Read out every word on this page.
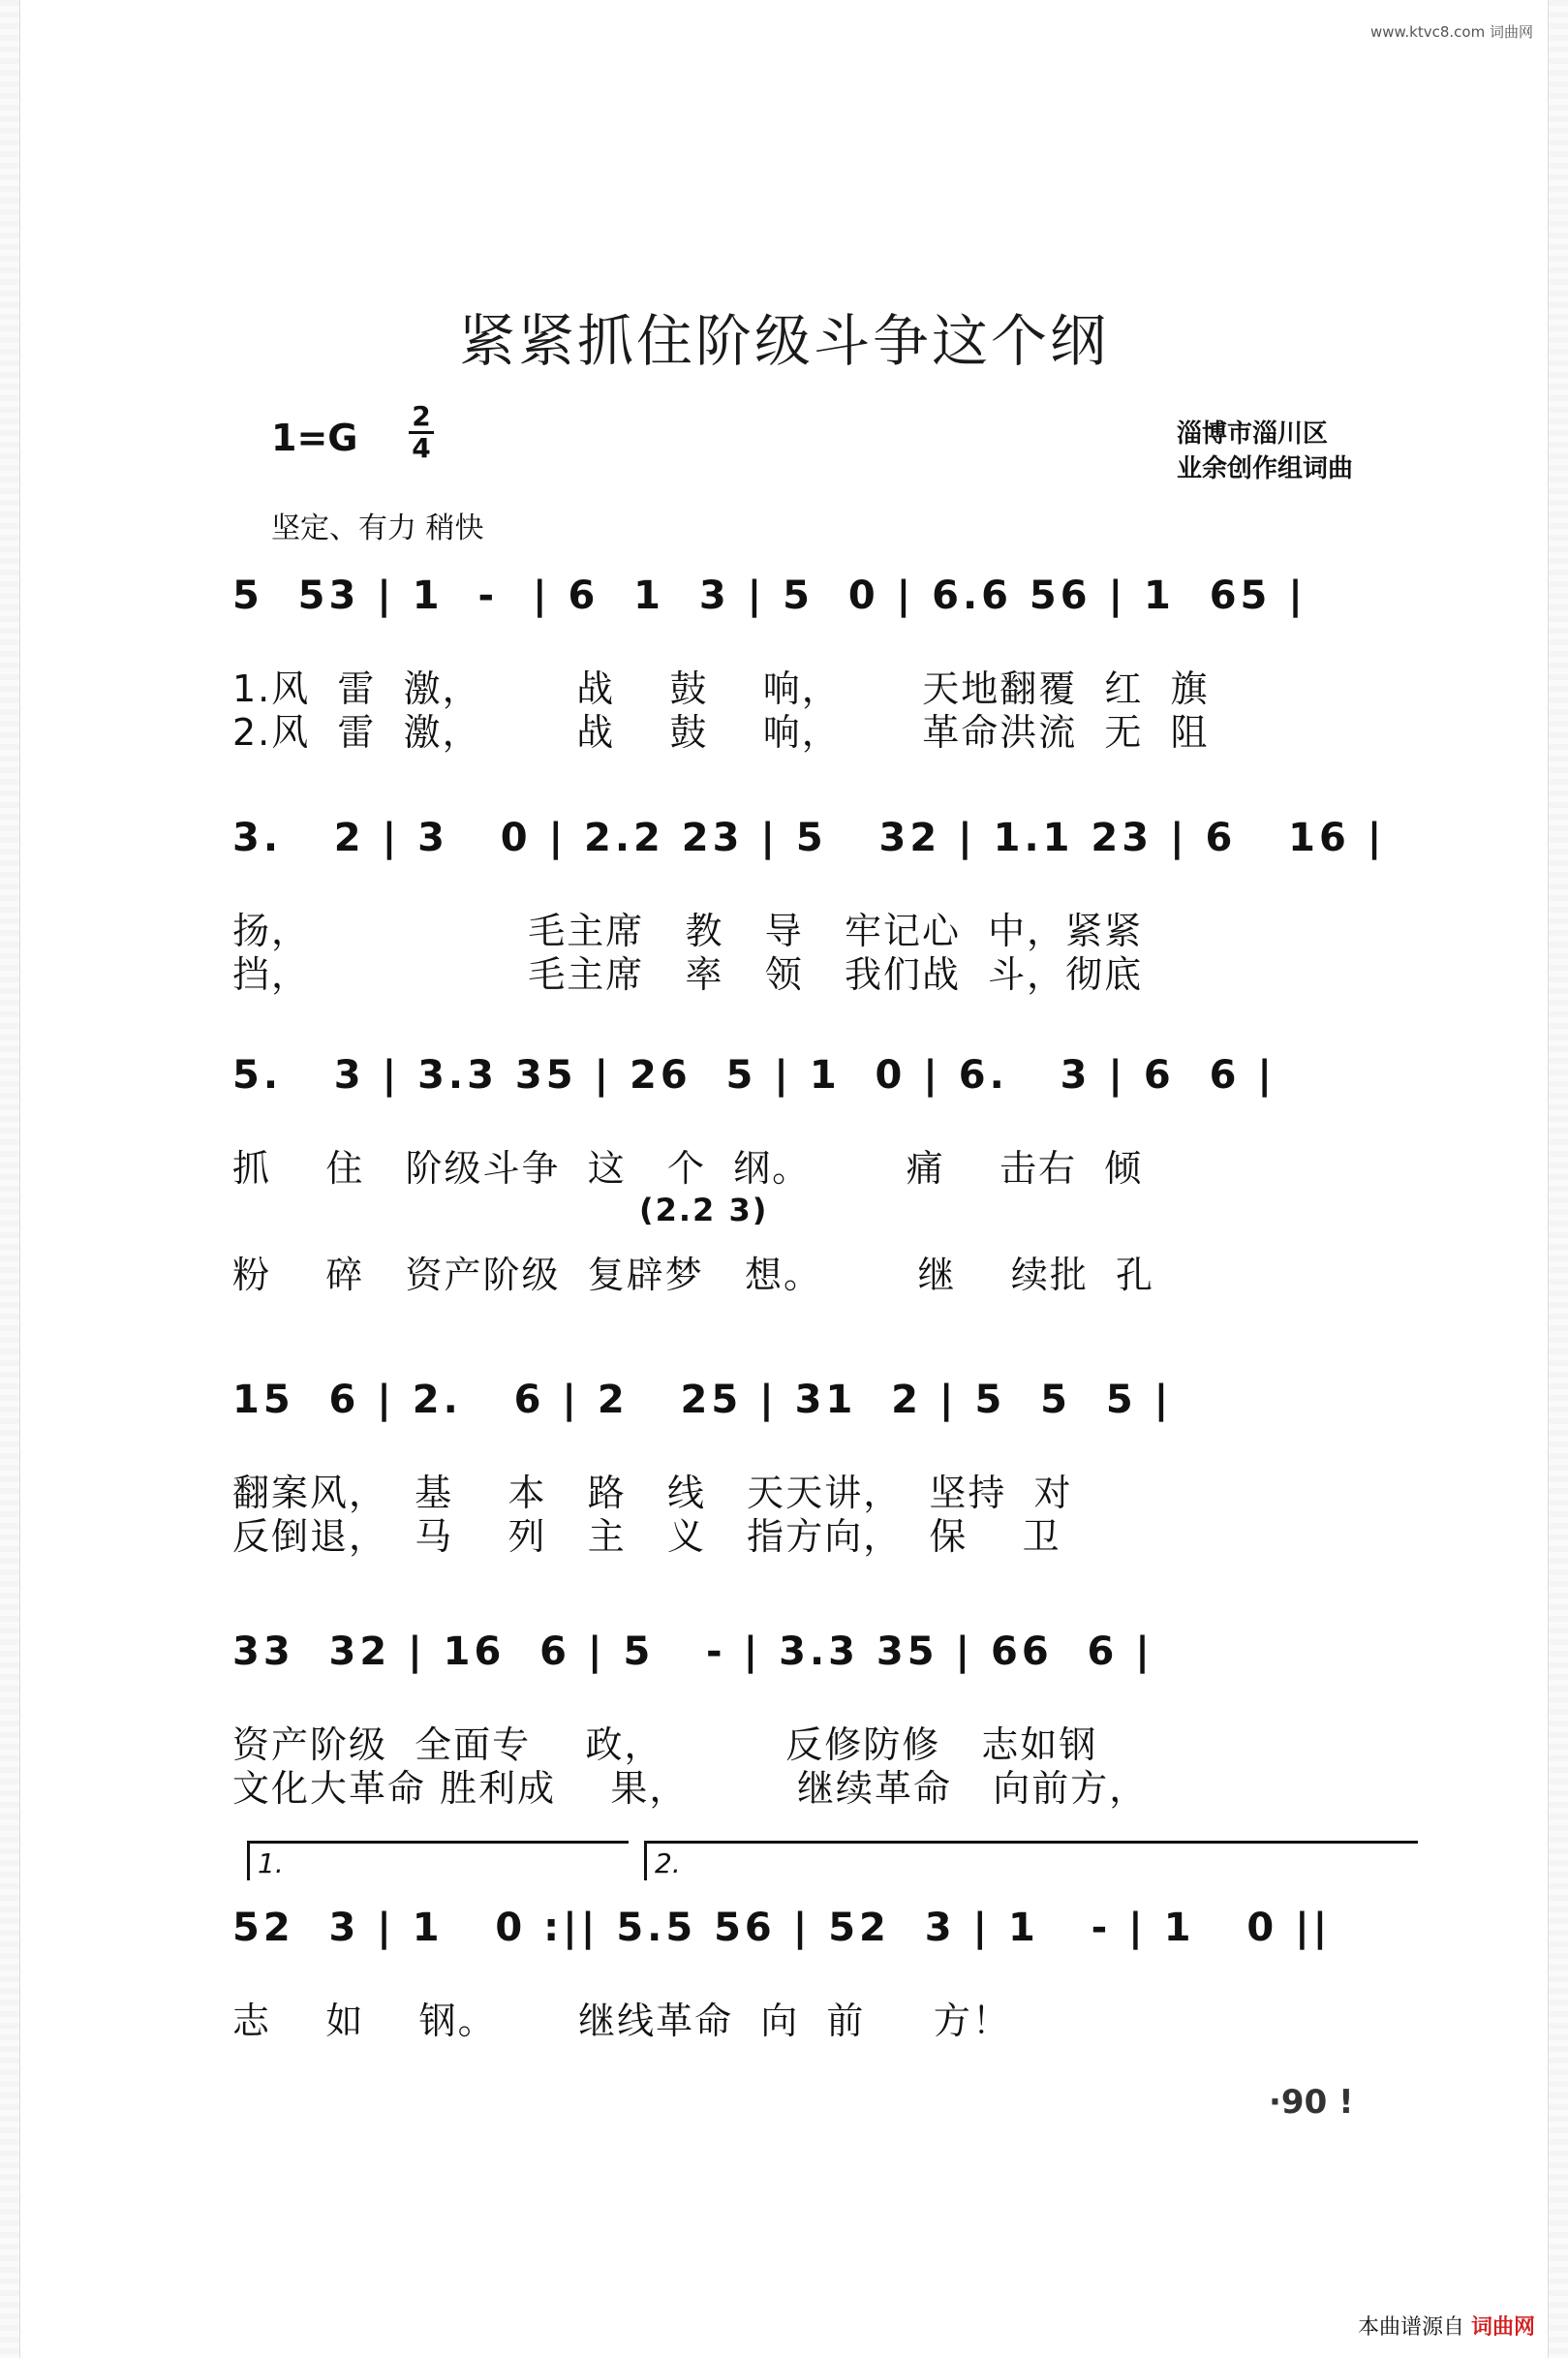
www.ktvc8.com 词曲网
紧紧抓住阶级斗争这个纲
1=G
2
4	淄博市淄川区
业余创作组词曲
坚定、有力 稍快
5  53 | 1  -  | 6  1  3 | 5  0 | 6.6 56 | 1  65 |
1.风  雷  激，       战    鼓    响，      天地翻覆  红  旗
2.风  雷  激，       战    鼓    响，      革命洪流  无  阻
3.   2 | 3   0 | 2.2 23 | 5   32 | 1.1 23 | 6   16 |
扬，                毛主席   教   导   牢记心  中，紧紧
挡，                毛主席   率   领   我们战  斗，彻底
5.   3 | 3.3 35 | 26  5 | 1  0 | 6.   3 | 6  6 |
抓    住   阶级斗争  这   个  纲。       痛    击右  倾
(2.2 3)
粉    碎   资产阶级  复辟梦   想。       继    续批  孔
15  6 | 2.   6 | 2   25 | 31  2 | 5  5  5 |
翻案风，  基    本   路   线   天天讲，  坚持  对
反倒退，  马    列   主   义   指方向，  保    卫
33  32 | 16  6 | 5   - | 3.3 35 | 66  6 |
资产阶级  全面专    政，         反修防修   志如钢
文化大革命 胜利成    果，        继续革命   向前方，
1.	2.
52  3 | 1   0 :|| 5.5 56 | 52  3 | 1   - | 1   0 ||
志    如    钢。      继线革命  向  前     方！
·90 !
本曲谱源自 词曲网
